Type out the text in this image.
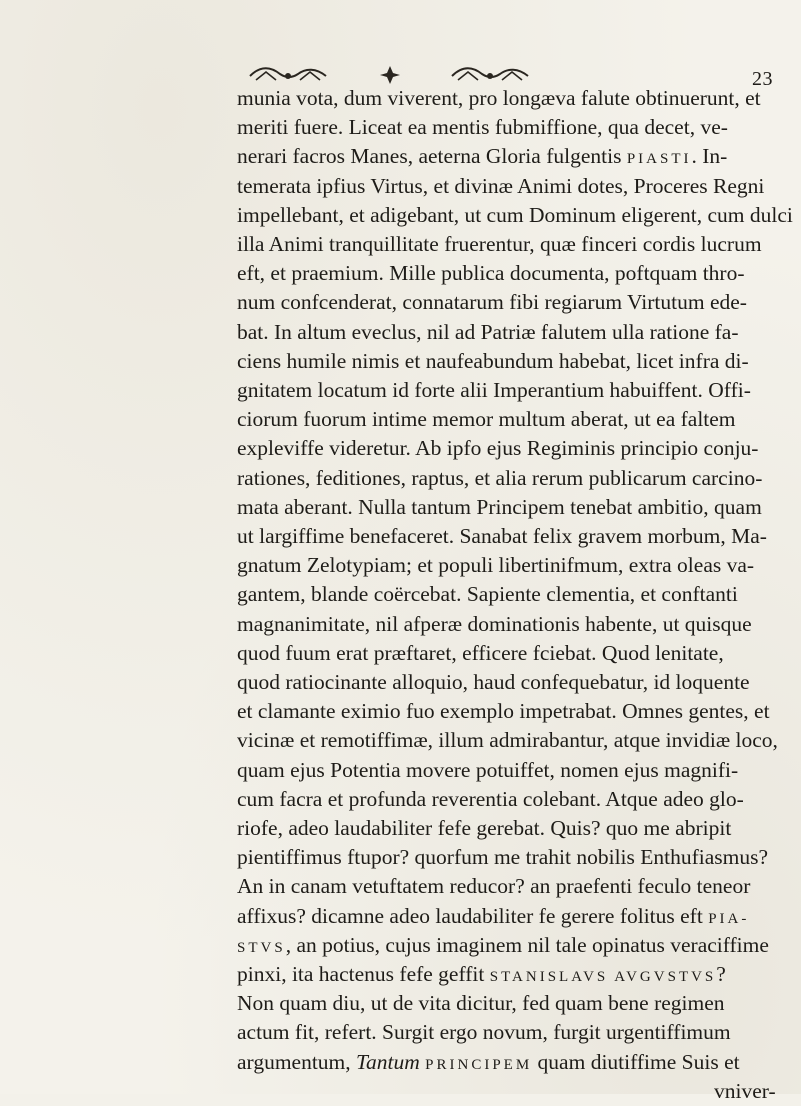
23
munia vota, dum viverent, pro longæva falute obtinuerunt, et
meriti fuere. Liceat ea mentis fubmiffione, qua decet, ve-
nerari facros Manes, aeterna Gloria fulgentis PIASTI. In-
temerata ipfius Virtus, et divinæ Animi dotes, Proceres Regni
impellebant, et adigebant, ut cum Dominum eligerent, cum dulci
illa Animi tranquillitate fruerentur, quæ finceri cordis lucrum
eft, et praemium. Mille publica documenta, poftquam thro-
num confcenderat, connatarum fibi regiarum Virtutum ede-
bat. In altum eveclus, nil ad Patriæ falutem ulla ratione fa-
ciens humile nimis et naufeabundum habebat, licet infra di-
gnitatem locatum id forte alii Imperantium habuiffent. Offi-
ciorum fuorum intime memor multum aberat, ut ea faltem
expleviffe videretur. Ab ipfo ejus Regiminis principio conju-
rationes, feditiones, raptus, et alia rerum publicarum carcino-
mata aberant. Nulla tantum Principem tenebat ambitio, quam
ut largiffime benefaceret. Sanabat felix gravem morbum, Ma-
gnatum Zelotypiam; et populi libertinifmum, extra oleas va-
gantem, blande coërcebat. Sapiente clementia, et conftanti
magnanimitate, nil afperæ dominationis habente, ut quisque
quod fuum erat præftaret, efficere fciebat. Quod lenitate,
quod ratiocinante alloquio, haud confequebatur, id loquente
et clamante eximio fuo exemplo impetrabat. Omnes gentes, et
vicinæ et remotiffimæ, illum admirabantur, atque invidiæ loco,
quam ejus Potentia movere potuiffet, nomen ejus magnifi-
cum facra et profunda reverentia colebant. Atque adeo glo-
riofe, adeo laudabiliter fefe gerebat. Quis? quo me abripit
pientiffimus ftupor? quorfum me trahit nobilis Enthufiasmus?
An in canam vetuftatem reducor? an praefenti feculo teneor
affixus? dicamne adeo laudabiliter fe gerere folitus eft PIA-
STVS, an potius, cujus imaginem nil tale opinatus veraciffime
pinxi, ita hactenus fefe geffit STANISLAVS AVGVSTVS?
Non quam diu, ut de vita dicitur, fed quam bene regimen
actum fit, refert. Surgit ergo novum, furgit urgentiffimum
argumentum, Tantum PRINCIPEM quam diutiffime Suis et
vniver-
